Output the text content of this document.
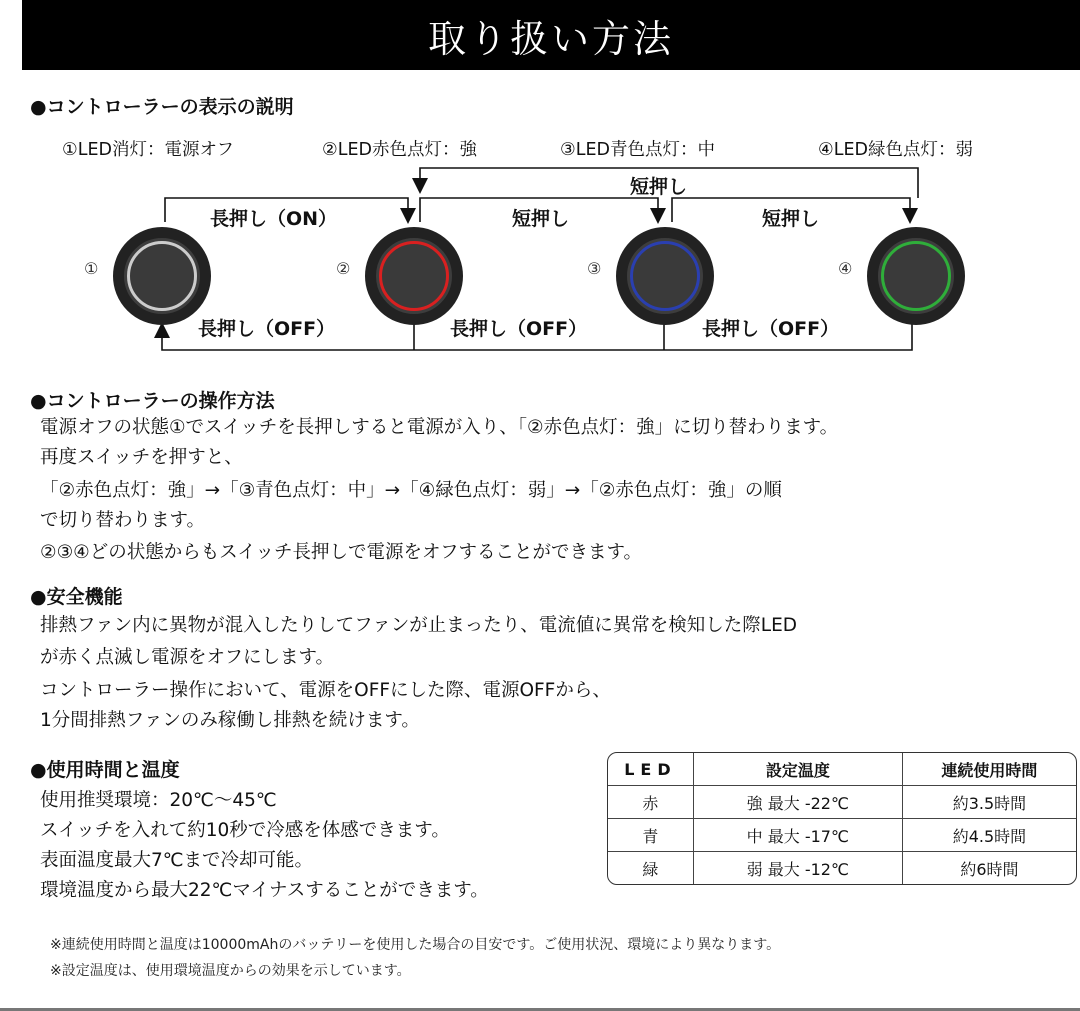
取り扱い方法
●コントローラーの表示の説明
①LED消灯：電源オフ	②LED赤色点灯：強	③LED青色点灯：中	④LED緑色点灯：弱
短押し
長押し（ON）	短押し	短押し
長押し（OFF）	長押し（OFF）	長押し（OFF）
①	②	③	④
●コントローラーの操作方法
電源オフの状態①でスイッチを長押しすると電源が入り、「②赤色点灯：強」に切り替わります。
再度スイッチを押すと、
「②赤色点灯：強」→「③青色点灯：中」→「④緑色点灯：弱」→「②赤色点灯：強」の順
で切り替わります。
②③④どの状態からもスイッチ長押しで電源をオフすることができます。
●安全機能
排熱ファン内に異物が混入したりしてファンが止まったり、電流値に異常を検知した際LED
が赤く点滅し電源をオフにします。
コントローラー操作において、電源をOFFにした際、電源OFFから、
1分間排熱ファンのみ稼働し排熱を続けます。
●使用時間と温度
使用推奨環境：20℃〜45℃
スイッチを入れて約10秒で冷感を体感できます。
表面温度最大7℃まで冷却可能。
環境温度から最大22℃マイナスすることができます。
LED	設定温度	連続使用時間
赤	強 最大 -22℃	約3.5時間
青	中 最大 -17℃	約4.5時間
緑	弱 最大 -12℃	約6時間
※連続使用時間と温度は10000mAhのバッテリーを使用した場合の目安です。ご使用状況、環境により異なります。
※設定温度は、使用環境温度からの効果を示しています。
